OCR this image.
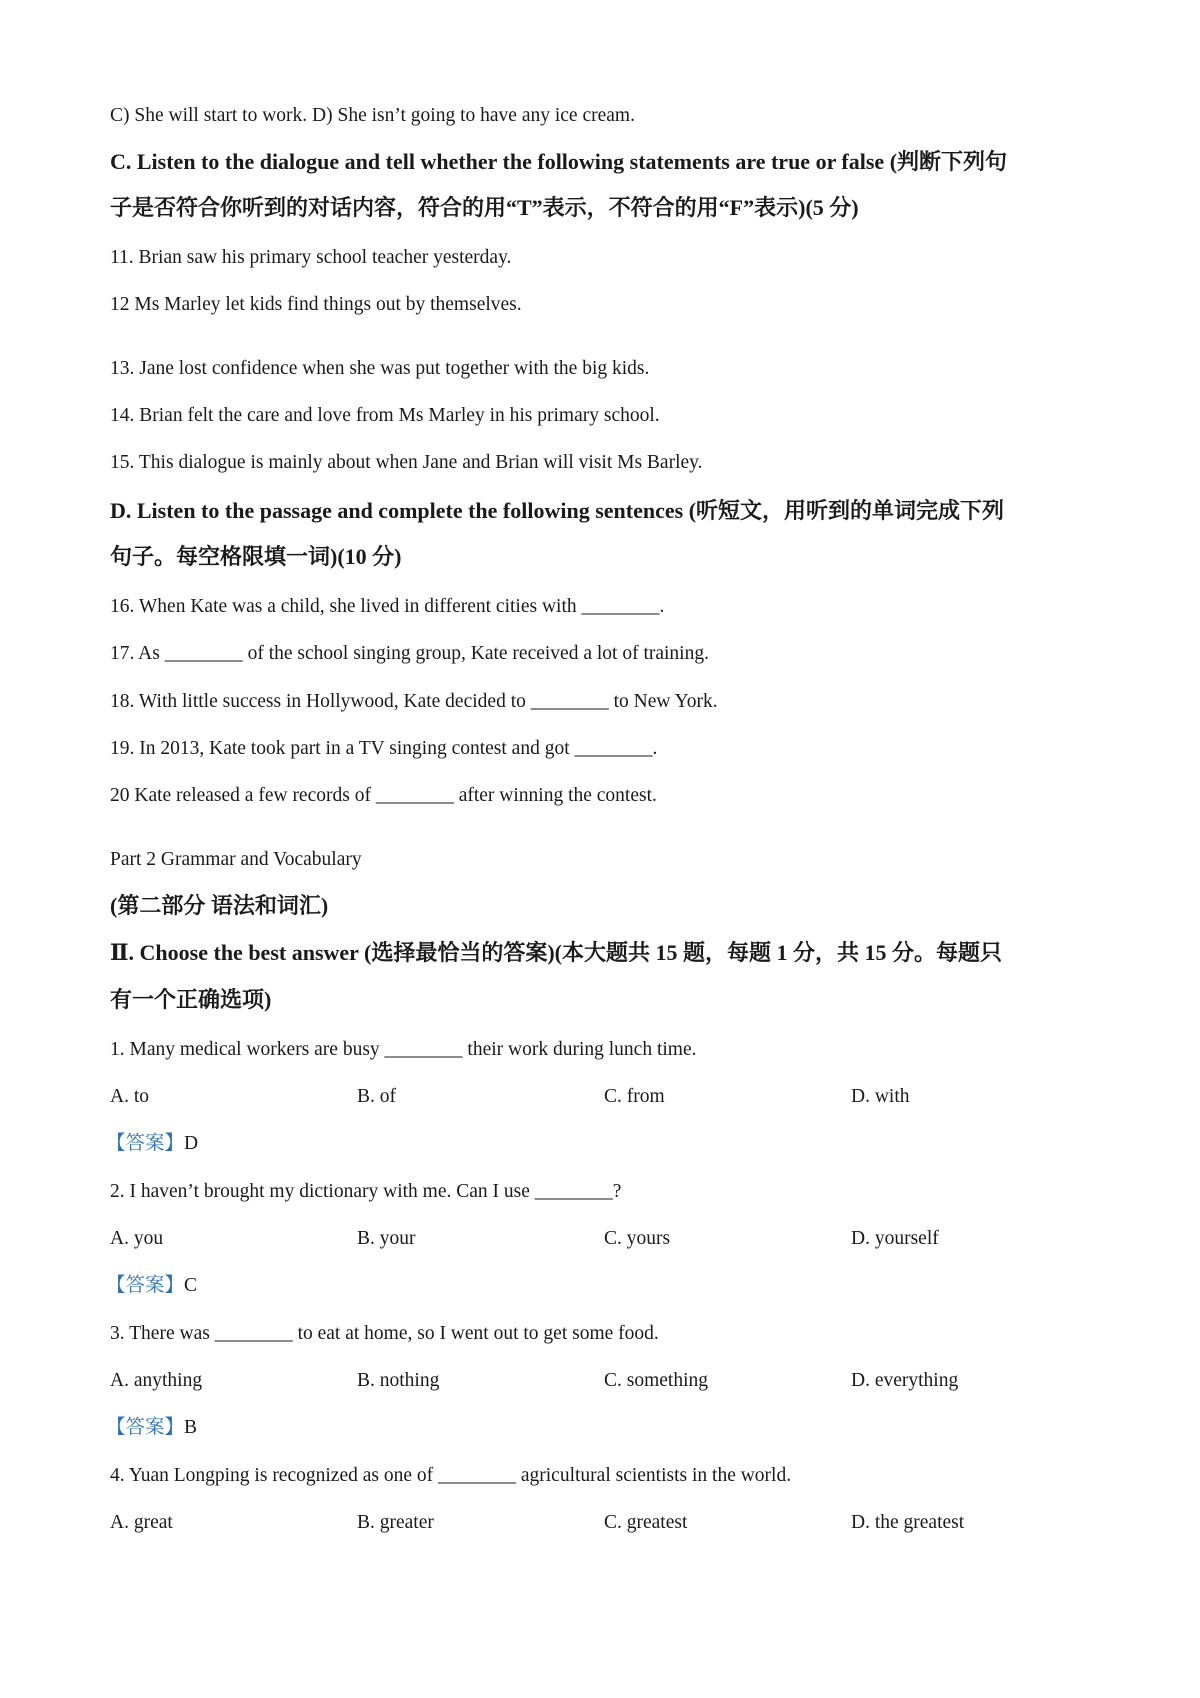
C) She will start to work. D) She isn’t going to have any ice cream.
C. Listen to the dialogue and tell whether the following statements are true or false (判断下列句
子是否符合你听到的对话内容，符合的用“T”表示，不符合的用“F”表示)(5 分)
11. Brian saw his primary school teacher yesterday.
12 Ms Marley let kids find things out by themselves.
13. Jane lost confidence when she was put together with the big kids.
14. Brian felt the care and love from Ms Marley in his primary school.
15. This dialogue is mainly about when Jane and Brian will visit Ms Barley.
D. Listen to the passage and complete the following sentences (听短文，用听到的单词完成下列
句子。每空格限填一词)(10 分)
16. When Kate was a child, she lived in different cities with ________.
17. As ________ of the school singing group, Kate received a lot of training.
18. With little success in Hollywood, Kate decided to ________ to New York.
19. In 2013, Kate took part in a TV singing contest and got ________.
20 Kate released a few records of ________ after winning the contest.
Part 2 Grammar and Vocabulary
(第二部分 语法和词汇)
Ⅱ. Choose the best answer (选择最恰当的答案)(本大题共 15 题，每题 1 分，共 15 分。每题只
有一个正确选项)
1. Many medical workers are busy ________ their work during lunch time.
A. to	B. of	C. from	D. with
【答案】D
2. I haven’t brought my dictionary with me. Can I use ________?
A. you	B. your	C. yours	D. yourself
【答案】C
3. There was ________ to eat at home, so I went out to get some food.
A. anything	B. nothing	C. something	D. everything
【答案】B
4. Yuan Longping is recognized as one of ________ agricultural scientists in the world.
A. great	B. greater	C. greatest	D. the greatest
